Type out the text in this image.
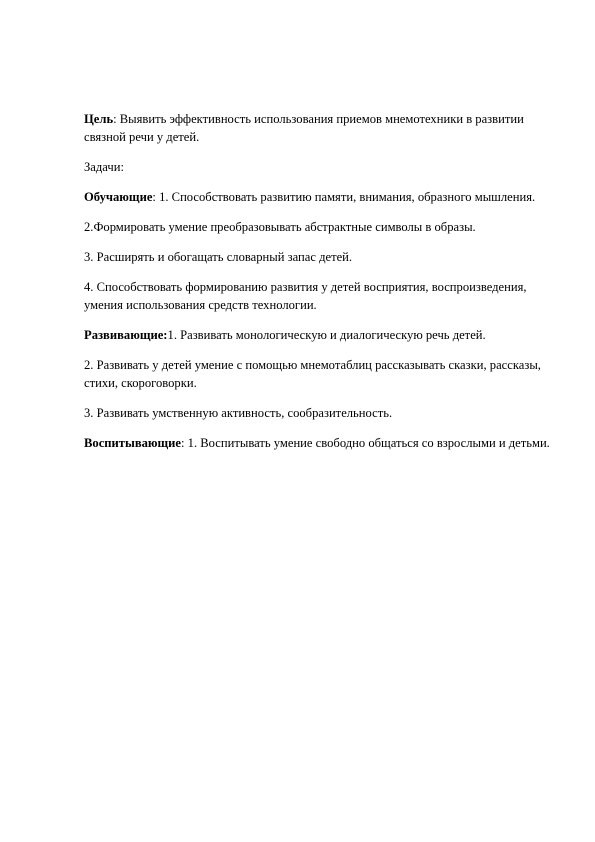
Цель: Выявить эффективность использования приемов мнемотехники в развитии связной речи у детей.

Задачи:

Обучающие: 1. Способствовать развитию памяти, внимания, образного мышления.

2.Формировать умение преобразовывать абстрактные символы в образы.

3. Расширять и обогащать словарный запас детей.

4. Способствовать формированию развития у детей восприятия, воспроизведения, умения использования средств технологии.

Развивающие:1. Развивать монологическую и диалогическую речь детей.

2. Развивать у детей умение с помощью мнемотаблиц рассказывать сказки, рассказы, стихи, скороговорки.

3. Развивать умственную активность, сообразительность.

Воспитывающие: 1. Воспитывать умение свободно общаться со взрослыми и детьми.
